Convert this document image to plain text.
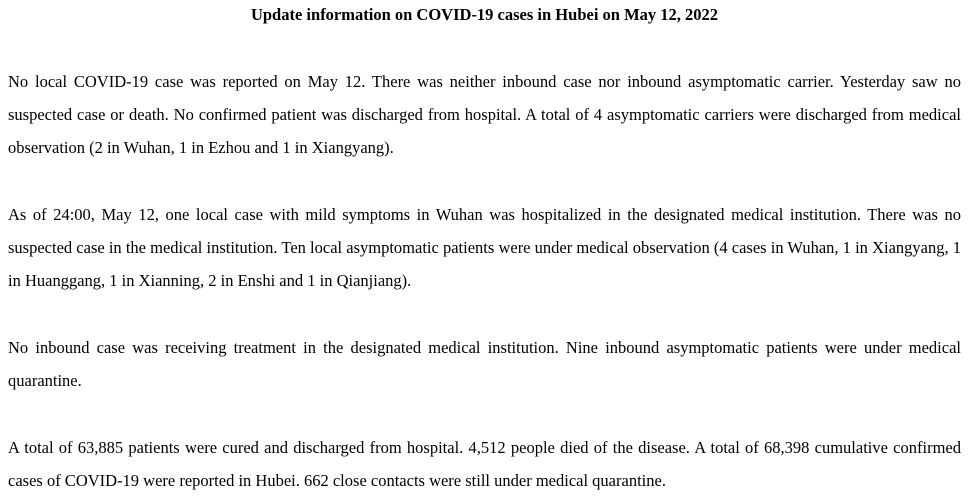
Update information on COVID-19 cases in Hubei on May 12, 2022

No local COVID-19 case was reported on May 12. There was neither inbound case nor inbound asymptomatic carrier. Yesterday saw no suspected case or death. No confirmed patient was discharged from hospital. A total of 4 asymptomatic carriers were discharged from medical observation (2 in Wuhan, 1 in Ezhou and 1 in Xiangyang).

As of 24:00, May 12, one local case with mild symptoms in Wuhan was hospitalized in the designated medical institution. There was no suspected case in the medical institution. Ten local asymptomatic patients were under medical observation (4 cases in Wuhan, 1 in Xiangyang, 1 in Huanggang, 1 in Xianning, 2 in Enshi and 1 in Qianjiang).

No inbound case was receiving treatment in the designated medical institution. Nine inbound asymptomatic patients were under medical quarantine.

A total of 63,885 patients were cured and discharged from hospital. 4,512 people died of the disease. A total of 68,398 cumulative confirmed cases of COVID-19 were reported in Hubei. 662 close contacts were still under medical quarantine.
